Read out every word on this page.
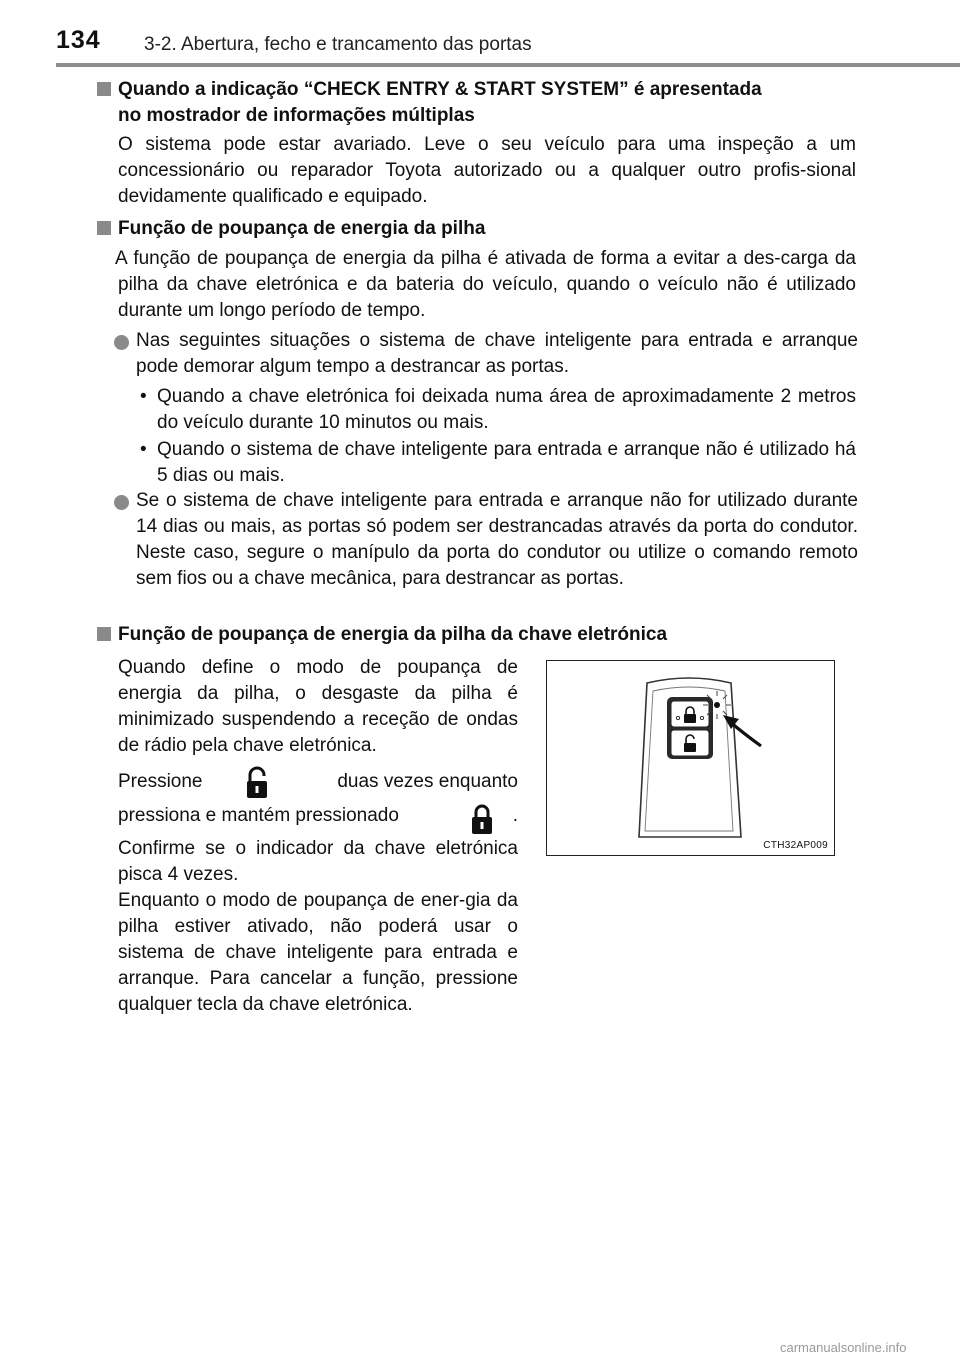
134 3-2. Abertura, fecho e trancamento das portas
Quando a indicação “CHECK ENTRY & START SYSTEM” é apresentada
no mostrador de informações múltiplas
O sistema pode estar avariado. Leve o seu veículo para uma inspeção a um concessionário ou reparador Toyota autorizado ou a qualquer outro profis-sional devidamente qualificado e equipado.
Função de poupança de energia da pilha
A função de poupança de energia da pilha é ativada de forma a evitar a des-carga da pilha da chave eletrónica e da bateria do veículo, quando o veículo não é utilizado durante um longo período de tempo.
Nas seguintes situações o sistema de chave inteligente para entrada e arranque pode demorar algum tempo a destrancar as portas.
• Quando a chave eletrónica foi deixada numa área de aproximadamente 2 metros do veículo durante 10 minutos ou mais.
• Quando o sistema de chave inteligente para entrada e arranque não é utilizado há 5 dias ou mais.
Se o sistema de chave inteligente para entrada e arranque não for utilizado durante 14 dias ou mais, as portas só podem ser destrancadas através da porta do condutor. Neste caso, segure o manípulo da porta do condutor ou utilize o comando remoto sem fios ou a chave mecânica, para destrancar as portas.
Função de poupança de energia da pilha da chave eletrónica
Quando define o modo de poupança de energia da pilha, o desgaste da pilha é minimizado suspendendo a receção de ondas de rádio pela chave eletrónica.
Pressione	duas vezes enquanto
pressiona e mantém pressionado	.
Confirme se o indicador da chave eletrónica pisca 4 vezes.
Enquanto o modo de poupança de ener-gia da pilha estiver ativado, não poderá usar o sistema de chave inteligente para entrada e arranque. Para cancelar a função, pressione qualquer tecla da chave eletrónica.
CTH32AP009
carmanualsonline.info
